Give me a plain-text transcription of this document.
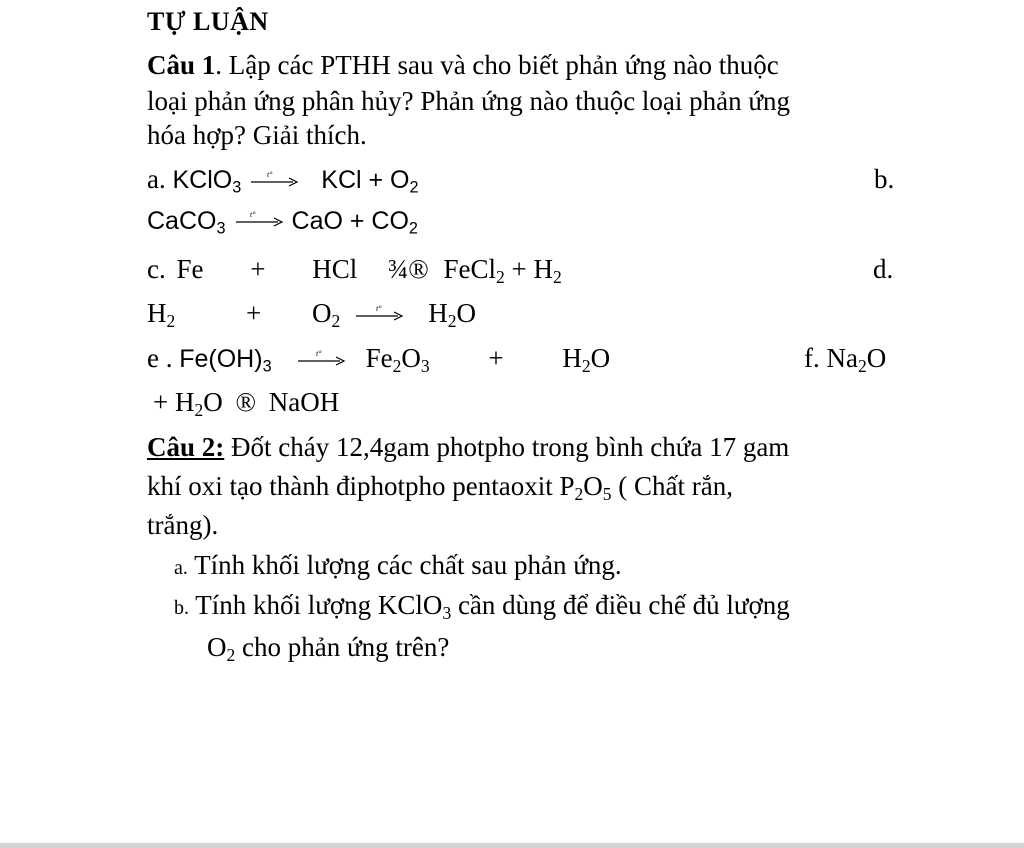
TỰ LUẬN
Câu 1. Lập các PTHH sau và cho biết phản ứng nào thuộc
loại phản ứng phân hủy? Phản ứng nào thuộc loại phản ứng
hóa hợp? Giải thích.
a. KClO$_3$
t° KCl + $O_2$	b.
CaCO$_3$
t° CaO + $CO_2$
c. Fe + HCl ¾® FeCl$_2$ + $H_2$	d.
$H_2$	+ $O_2$
t° $H_2O$
e . $Fe(OH)_3$
t° $Fe_2O_3 + H_2O$	f. $Na_2O$
+ $H_2O$ ® NaOH
Câu 2: Đốt cháy 12,4gam photpho trong bình chứa 17 gam
khí oxi tạo thành điphotpho pentaoxit $P_2O_5$ ( Chất rắn,
trắng).
a. Tính khối lượng các chất sau phản ứng.
b. Tính khối lượng KClO$_3$ cần dùng để điều chế đủ lượng
$O_2$ cho phản ứng trên?
